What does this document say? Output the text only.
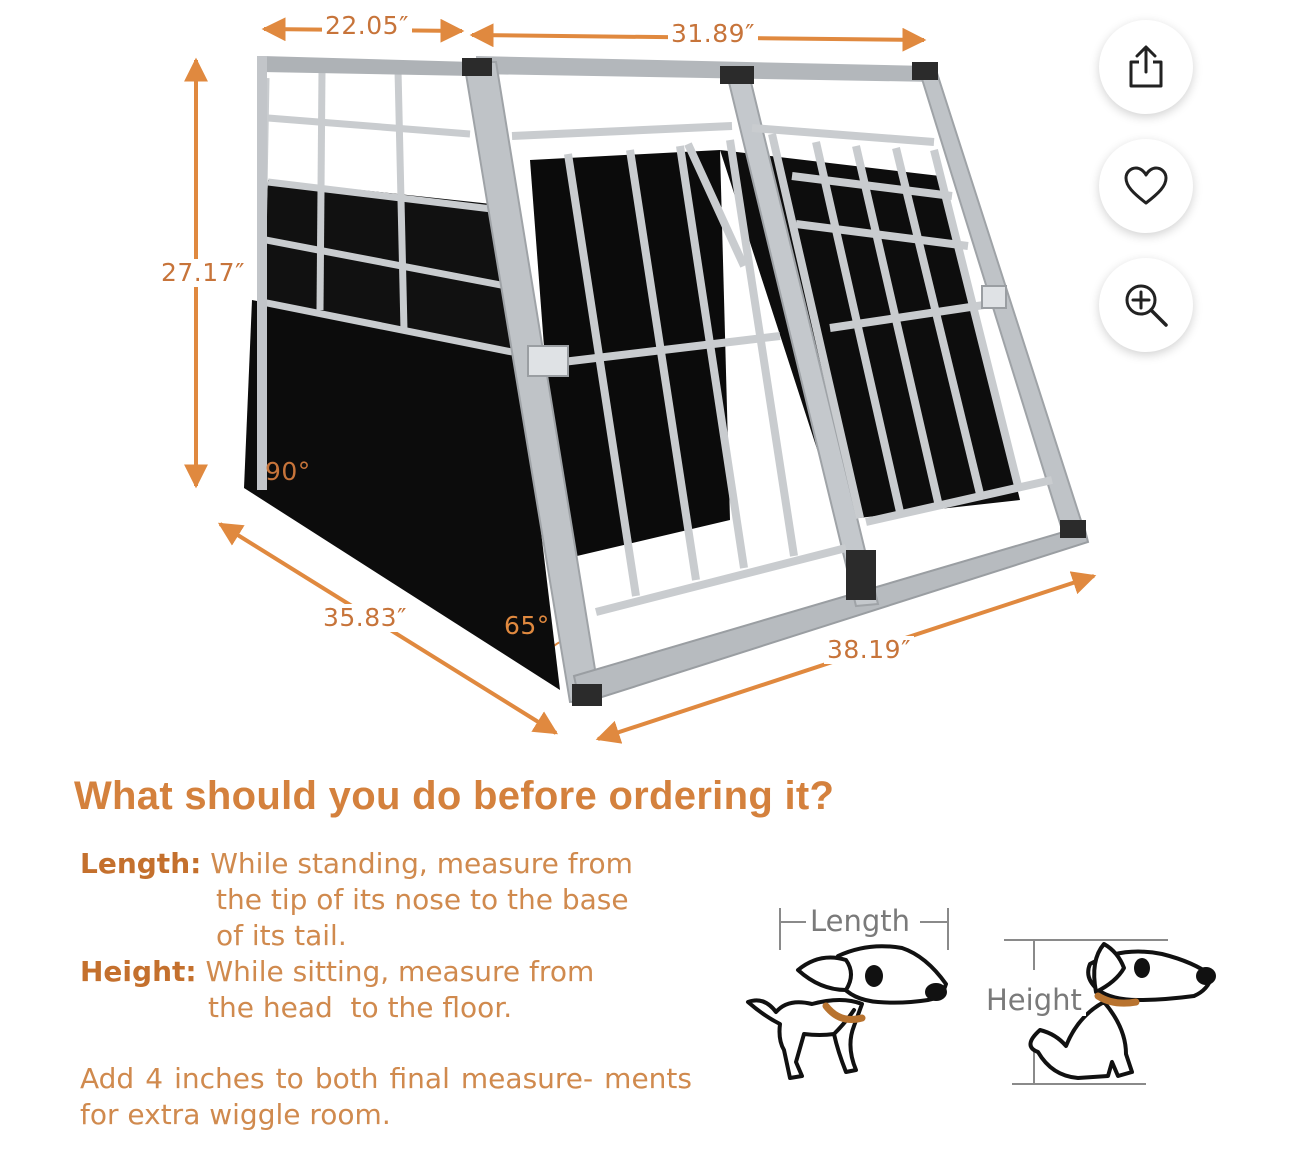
22.05″	31.89″
27.17″
90°
35.83″	65°
38.19″
What should you do before ordering it?
Length: While standing, measure from
the tip of its nose to the base
of its tail.
Height: While sitting, measure from
the head  to the floor.

Add 4 inches to both final measure- ments for extra wiggle room.

Length
Height
